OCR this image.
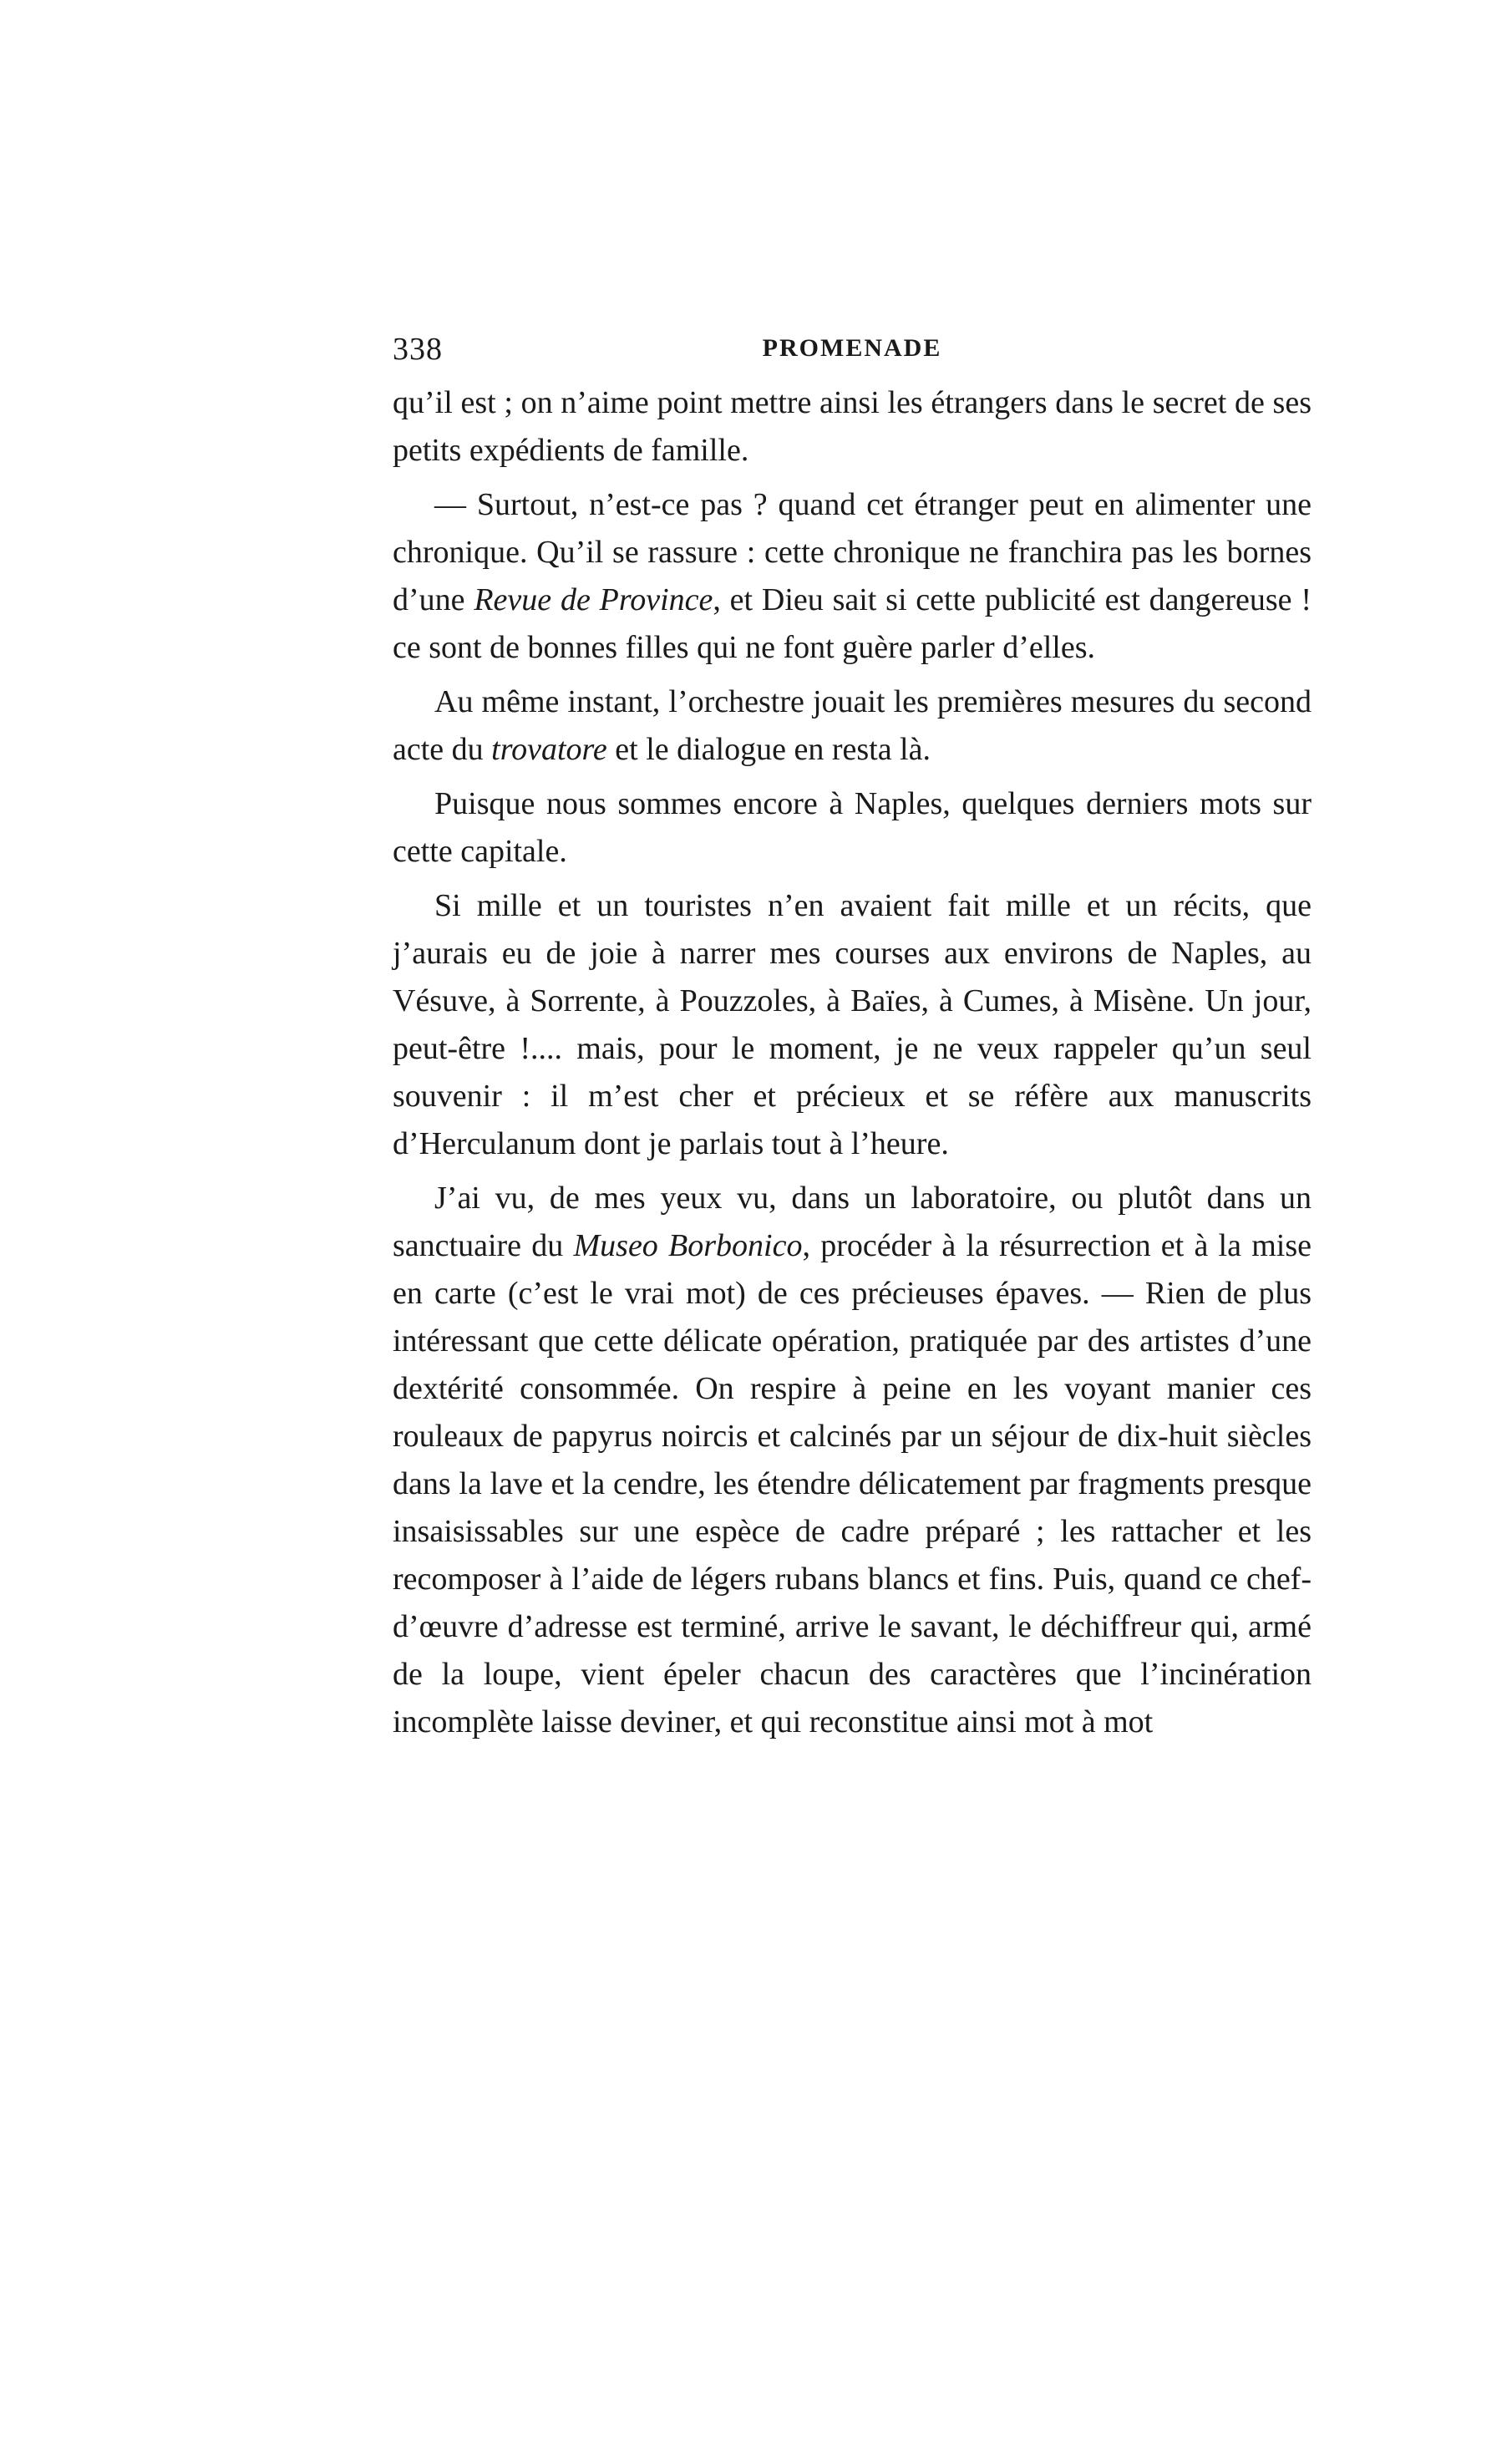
338	PROMENADE

qu’il est ; on n’aime point mettre ainsi les étrangers dans le secret de ses petits expédients de famille.

— Surtout, n’est-ce pas ? quand cet étranger peut en alimenter une chronique. Qu’il se rassure : cette chronique ne franchira pas les bornes d’une Revue de Province, et Dieu sait si cette publicité est dangereuse ! ce sont de bonnes filles qui ne font guère parler d’elles.

Au même instant, l’orchestre jouait les premières mesures du second acte du trovatore et le dialogue en resta là.

Puisque nous sommes encore à Naples, quelques derniers mots sur cette capitale.

Si mille et un touristes n’en avaient fait mille et un récits, que j’aurais eu de joie à narrer mes courses aux environs de Naples, au Vésuve, à Sorrente, à Pouzzoles, à Baïes, à Cumes, à Misène. Un jour, peut-être !.... mais, pour le moment, je ne veux rappeler qu’un seul souvenir : il m’est cher et précieux et se réfère aux manuscrits d’Herculanum dont je parlais tout à l’heure.

J’ai vu, de mes yeux vu, dans un laboratoire, ou plutôt dans un sanctuaire du Museo Borbonico, procéder à la résurrection et à la mise en carte (c’est le vrai mot) de ces précieuses épaves. — Rien de plus intéressant que cette délicate opération, pratiquée par des artistes d’une dextérité consommée. On respire à peine en les voyant manier ces rouleaux de papyrus noircis et calcinés par un séjour de dix-huit siècles dans la lave et la cendre, les étendre délicatement par fragments presque insaisissables sur une espèce de cadre préparé ; les rattacher et les recomposer à l’aide de légers rubans blancs et fins. Puis, quand ce chef-d’œuvre d’adresse est terminé, arrive le savant, le déchiffreur qui, armé de la loupe, vient épeler chacun des caractères que l’incinération incomplète laisse deviner, et qui reconstitue ainsi mot à mot
